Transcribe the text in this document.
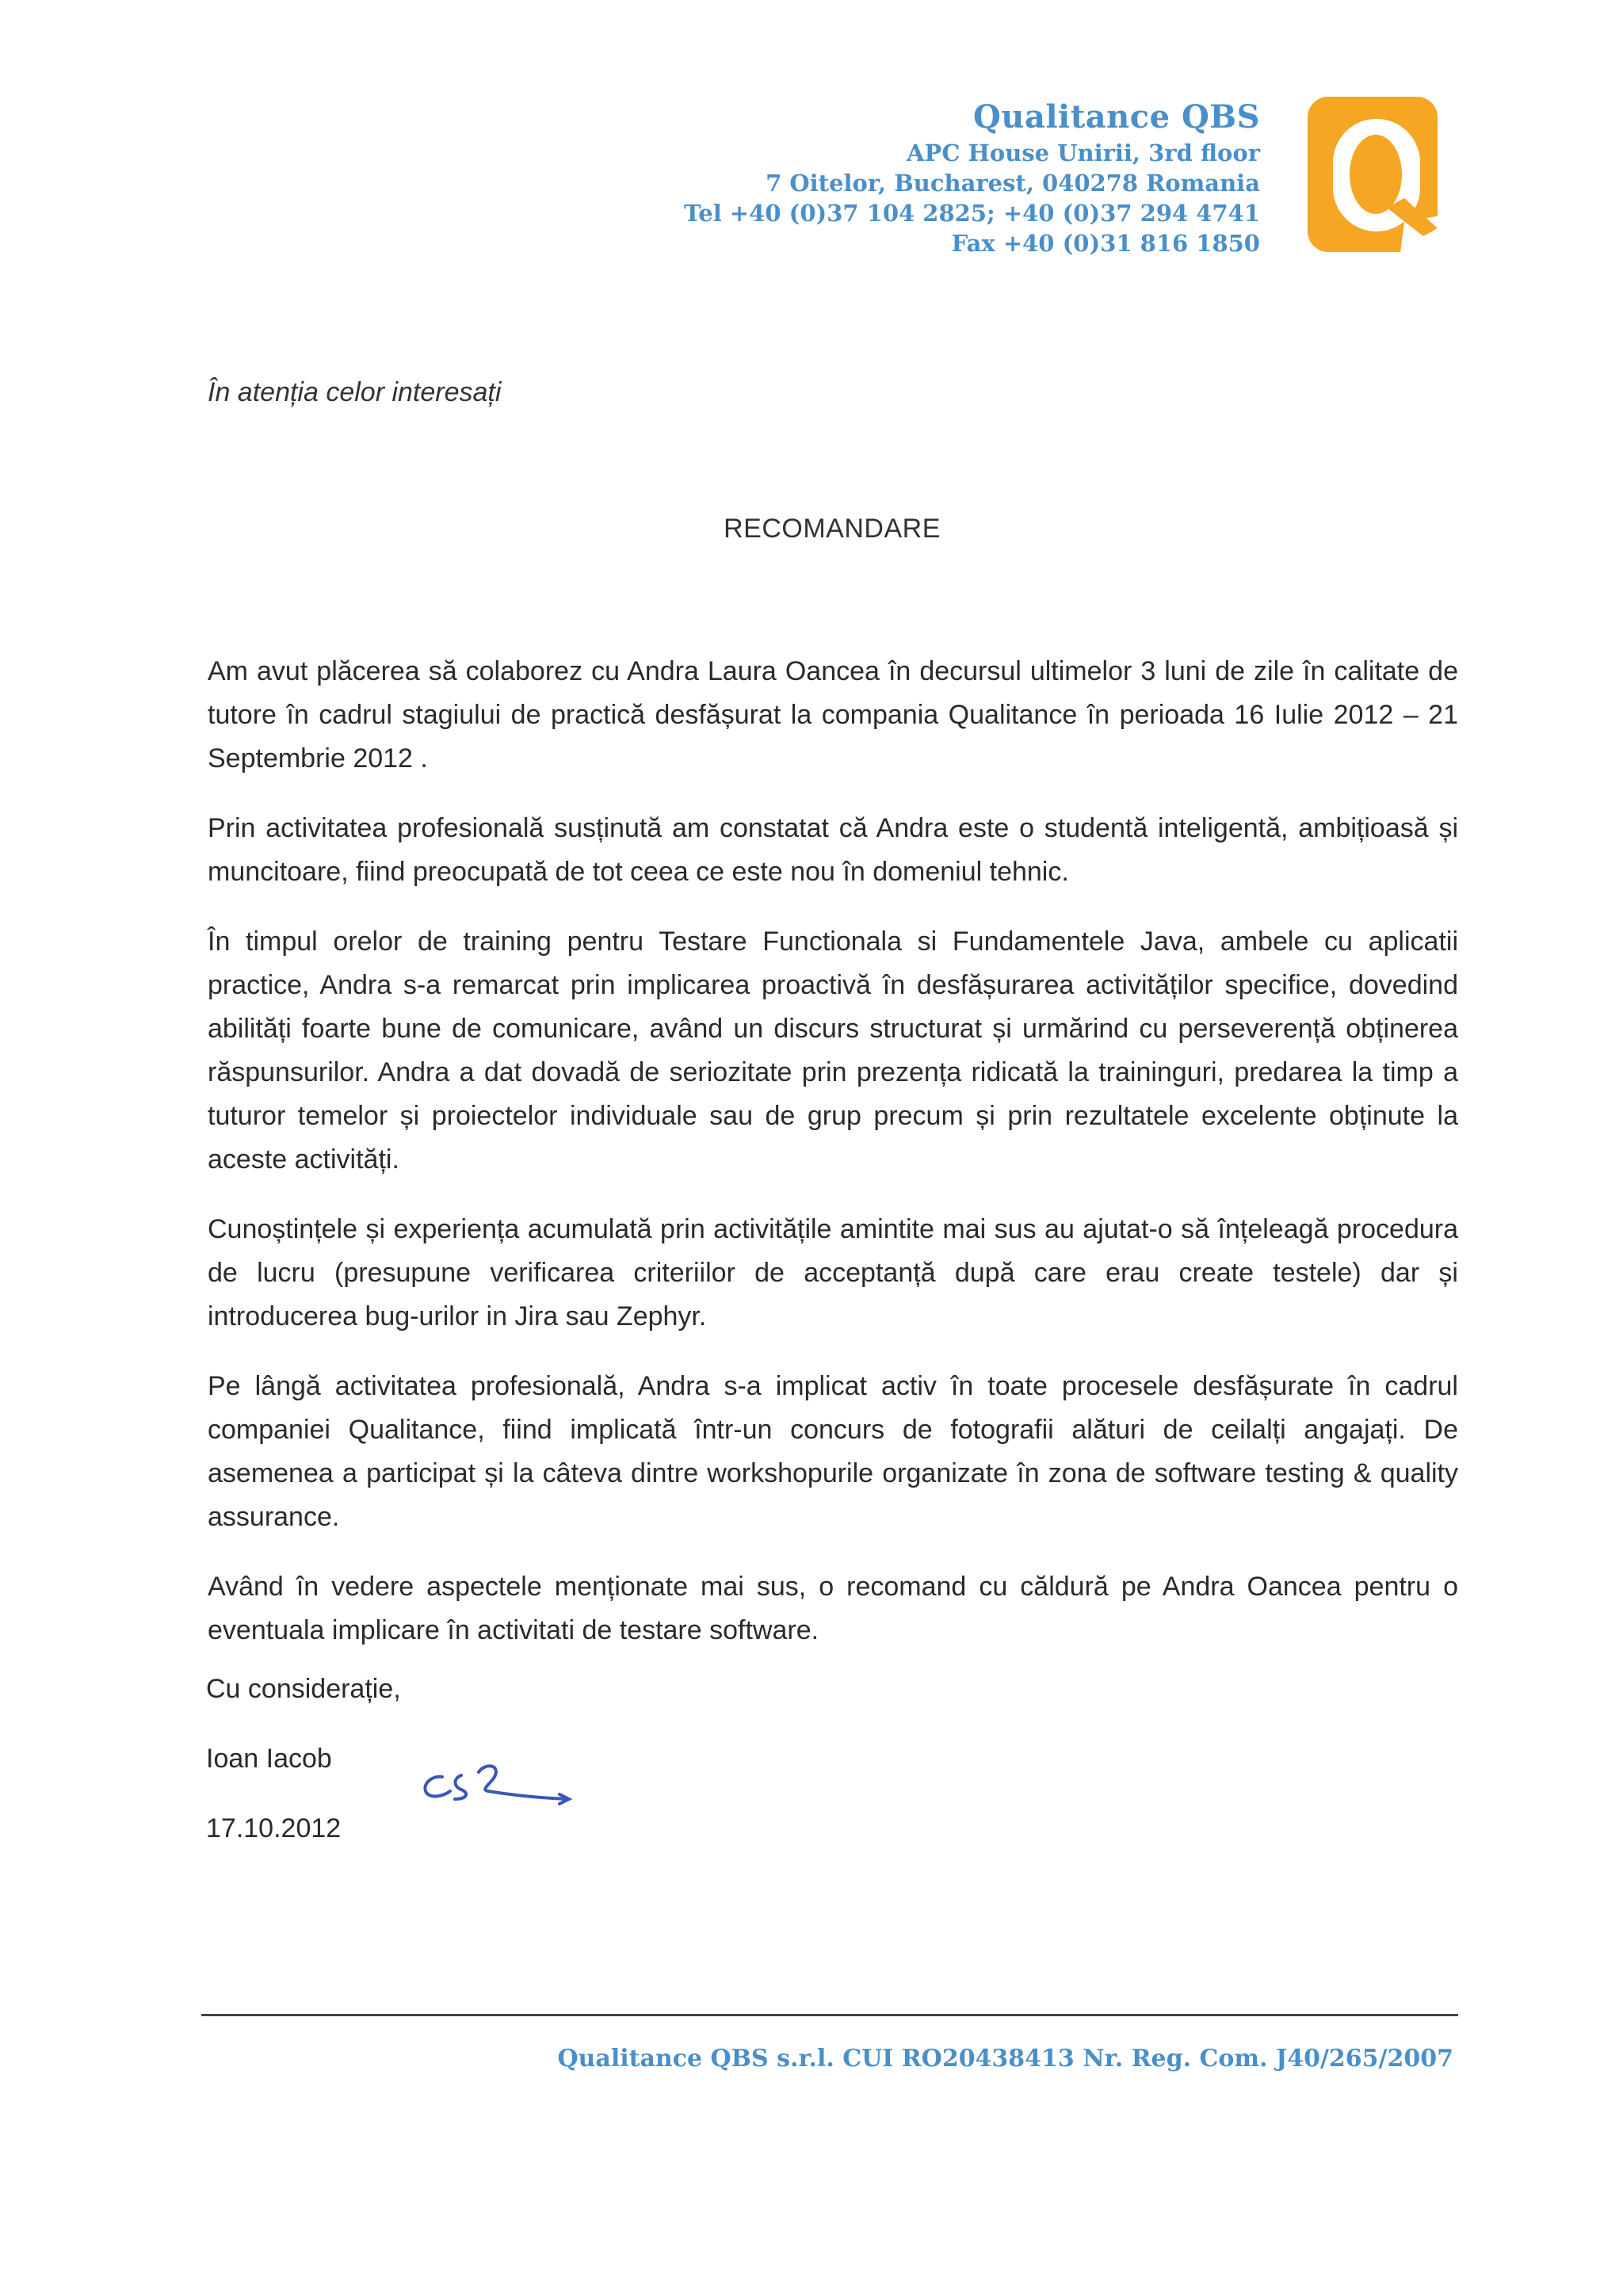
Qualitance QBS
APC House Unirii, 3rd floor
7 Oitelor, Bucharest, 040278 Romania
Tel +40 (0)37 104 2825; +40 (0)37 294 4741
Fax +40 (0)31 816 1850
În atenția celor interesați
RECOMANDARE

Am avut plăcerea să colaborez cu Andra Laura Oancea în decursul ultimelor 3 luni de zile în calitate de tutore în cadrul stagiului de practică desfășurat la compania Qualitance în perioada 16 Iulie 2012 – 21 Septembrie 2012 .

Prin activitatea profesională susținută am constatat că Andra este o studentă inteligentă, ambițioasă și muncitoare, fiind preocupată de tot ceea ce este nou în domeniul tehnic.

În timpul orelor de training pentru Testare Functionala si Fundamentele Java, ambele cu aplicatii practice, Andra s-a remarcat prin implicarea proactivă în desfășurarea activităților specifice, dovedind abilități foarte bune de comunicare, având un discurs structurat și urmărind cu perseverență obținerea răspunsurilor. Andra a dat dovadă de seriozitate prin prezența ridicată la traininguri, predarea la timp a tuturor temelor și proiectelor individuale sau de grup precum și prin rezultatele excelente obținute la aceste activități.

Cunoștințele și experiența acumulată prin activitățile amintite mai sus au ajutat-o să înțeleagă procedura de lucru (presupune verificarea criteriilor de acceptanță după care erau create testele) dar și introducerea bug-urilor in Jira sau Zephyr.

Pe lângă activitatea profesională, Andra s-a implicat activ în toate procesele desfășurate în cadrul companiei Qualitance, fiind implicată într-un concurs de fotografii alături de ceilalți angajați. De asemenea a participat și la câteva dintre workshopurile organizate în zona de software testing & quality assurance.

Având în vedere aspectele menționate mai sus, o recomand cu căldură pe Andra Oancea pentru o eventuala implicare în activitati de testare software.

Cu considerație,
Ioan Iacob
17.10.2012
Qualitance QBS s.r.l. CUI RO20438413 Nr. Reg. Com. J40/265/2007
